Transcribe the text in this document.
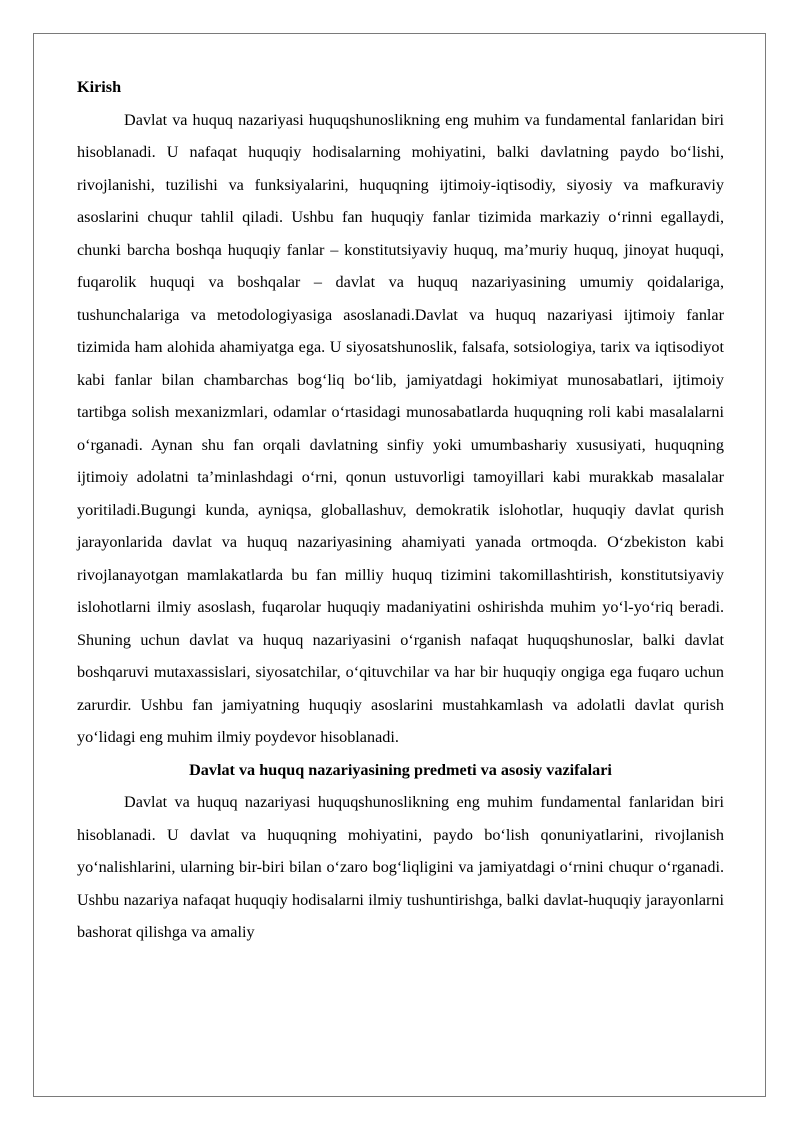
Kirish

Davlat va huquq nazariyasi huquqshunoslikning eng muhim va fundamental fanlaridan biri hisoblanadi. U nafaqat huquqiy hodisalarning mohiyatini, balki davlatning paydo bo‘lishi, rivojlanishi, tuzilishi va funksiyalarini, huquqning ijtimoiy-iqtisodiy, siyosiy va mafkuraviy asoslarini chuqur tahlil qiladi. Ushbu fan huquqiy fanlar tizimida markaziy o‘rinni egallaydi, chunki barcha boshqa huquqiy fanlar – konstitutsiyaviy huquq, ma’muriy huquq, jinoyat huquqi, fuqarolik huquqi va boshqalar – davlat va huquq nazariyasining umumiy qoidalariga, tushunchalariga va metodologiyasiga asoslanadi.Davlat va huquq nazariyasi ijtimoiy fanlar tizimida ham alohida ahamiyatga ega. U siyosatshunoslik, falsafa, sotsiologiya, tarix va iqtisodiyot kabi fanlar bilan chambarchas bog‘liq bo‘lib, jamiyatdagi hokimiyat munosabatlari, ijtimoiy tartibga solish mexanizmlari, odamlar o‘rtasidagi munosabatlarda huquqning roli kabi masalalarni o‘rganadi. Aynan shu fan orqali davlatning sinfiy yoki umumbashariy xususiyati, huquqning ijtimoiy adolatni ta’minlashdagi o‘rni, qonun ustuvorligi tamoyillari kabi murakkab masalalar yoritiladi.Bugungi kunda, ayniqsa, globallashuv, demokratik islohotlar, huquqiy davlat qurish jarayonlarida davlat va huquq nazariyasining ahamiyati yanada ortmoqda. O‘zbekiston kabi rivojlanayotgan mamlakatlarda bu fan milliy huquq tizimini takomillashtirish, konstitutsiyaviy islohotlarni ilmiy asoslash, fuqarolar huquqiy madaniyatini oshirishda muhim yo‘l-yo‘riq beradi. Shuning uchun davlat va huquq nazariyasini o‘rganish nafaqat huquqshunoslar, balki davlat boshqaruvi mutaxassislari, siyosatchilar, o‘qituvchilar va har bir huquqiy ongiga ega fuqaro uchun zarurdir. Ushbu fan jamiyatning huquqiy asoslarini mustahkamlash va adolatli davlat qurish yo‘lidagi eng muhim ilmiy poydevor hisoblanadi.

Davlat va huquq nazariyasining predmeti va asosiy vazifalari

Davlat va huquq nazariyasi huquqshunoslikning eng muhim fundamental fanlaridan biri hisoblanadi. U davlat va huquqning mohiyatini, paydo bo‘lish qonuniyatlarini, rivojlanish yo‘nalishlarini, ularning bir-biri bilan o‘zaro bog‘liqligini va jamiyatdagi o‘rnini chuqur o‘rganadi. Ushbu nazariya nafaqat huquqiy hodisalarni ilmiy tushuntirishga, balki davlat-huquqiy jarayonlarni bashorat qilishga va amaliy
